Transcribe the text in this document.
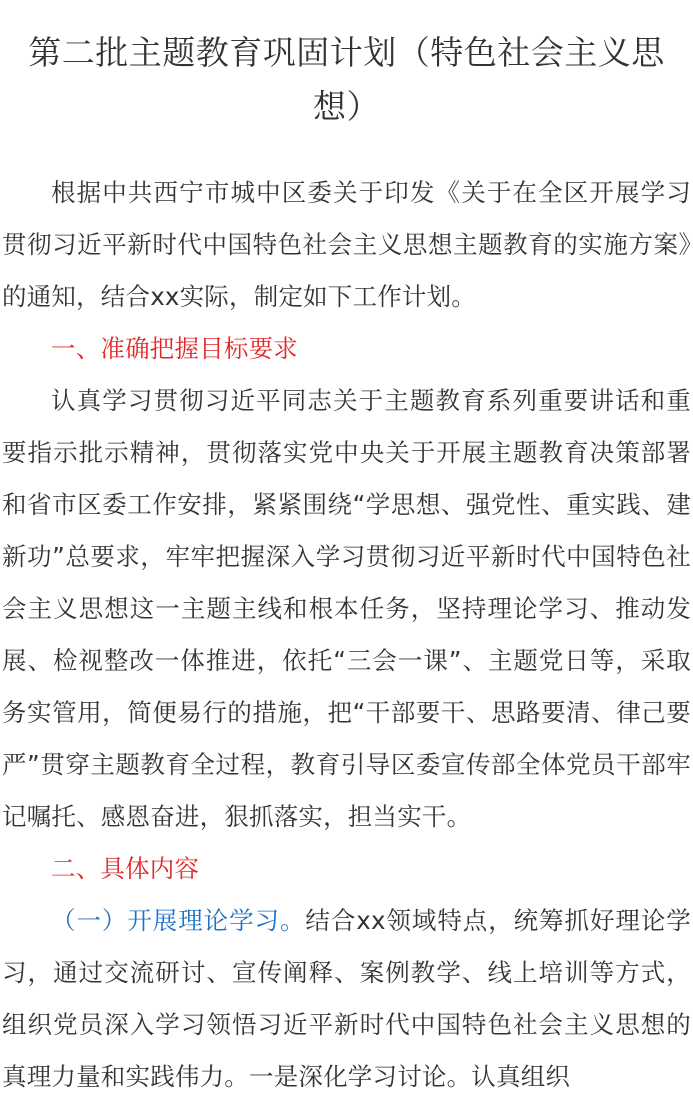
第二批主题教育巩固计划（特色社会主义思想）

根据中共西宁市城中区委关于印发《关于在全区开展学习贯彻习近平新时代中国特色社会主义思想主题教育的实施方案》的通知，结合xx实际，制定如下工作计划。

一、准确把握目标要求

认真学习贯彻习近平同志关于主题教育系列重要讲话和重要指示批示精神，贯彻落实党中央关于开展主题教育决策部署和省市区委工作安排，紧紧围绕“学思想、强党性、重实践、建新功”总要求，牢牢把握深入学习贯彻习近平新时代中国特色社会主义思想这一主题主线和根本任务，坚持理论学习、推动发展、检视整改一体推进，依托“三会一课”、主题党日等，采取务实管用，简便易行的措施，把“干部要干、思路要清、律己要严”贯穿主题教育全过程，教育引导区委宣传部全体党员干部牢记嘱托、感恩奋进，狠抓落实，担当实干。

二、具体内容

（一）开展理论学习。结合xx领域特点，统筹抓好理论学习，通过交流研讨、宣传阐释、案例教学、线上培训等方式，组织党员深入学习领悟习近平新时代中国特色社会主义思想的真理力量和实践伟力。一是深化学习讨论。认真组织
